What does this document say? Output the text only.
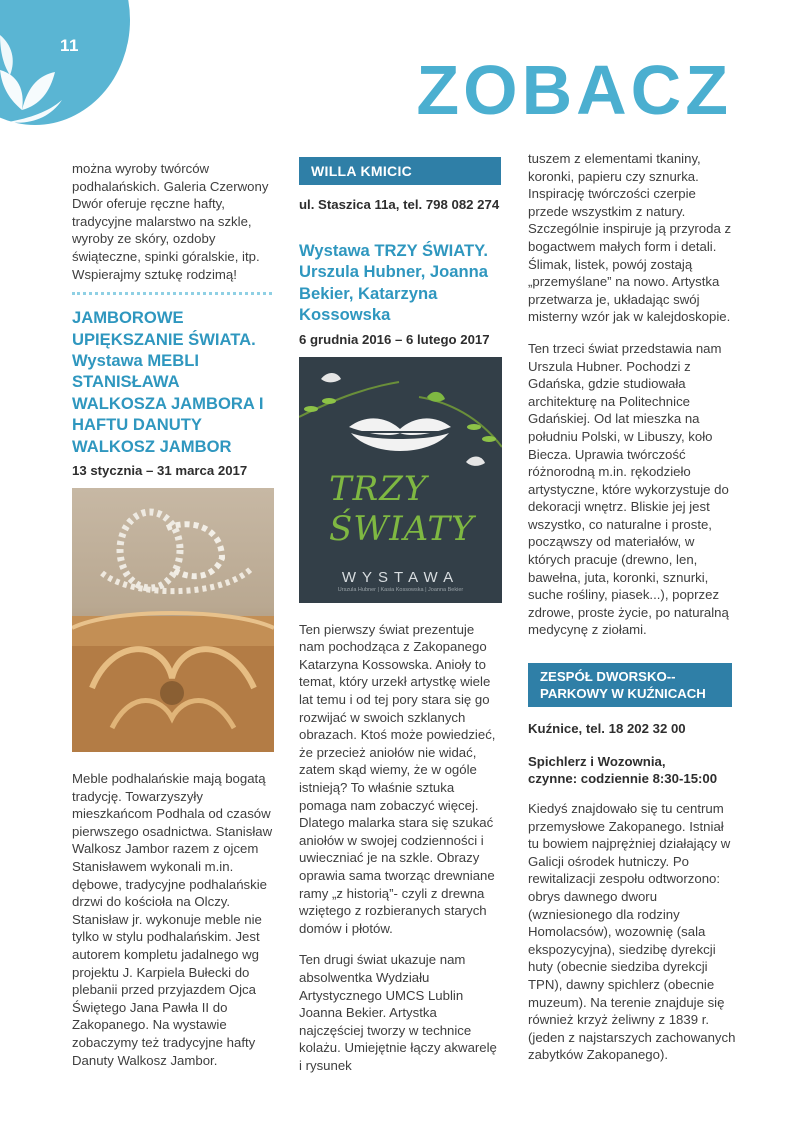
11
ZOBACZ

można wyroby twórców podhalańskich. Galeria Czerwony Dwór oferuje ręczne hafty, tradycyjne malarstwo na szkle, wyroby ze skóry, ozdoby świąteczne, spinki góralskie, itp. Wspierajmy sztukę rodzimą!

JAMBOROWE UPIĘKSZANIE ŚWIATA. Wystawa MEBLI STANISŁAWA WALKOSZA JAMBORA I HAFTU DANUTY WALKOSZ JAMBOR
13 stycznia – 31 marca 2017

Meble podhalańskie mają bogatą tradycję. Towarzyszyły mieszkańcom Podhala od czasów pierwszego osadnictwa. Stanisław Walkosz Jambor razem z ojcem Stanisławem wykonali m.in. dębowe, tradycyjne podhalańskie drzwi do kościoła na Olczy. Stanisław jr. wykonuje meble nie tylko w stylu podhalańskim. Jest autorem kompletu jadalnego wg projektu J. Karpiela Bułecki do plebanii przed przyjazdem Ojca Świętego Jana Pawła II do Zakopanego. Na wystawie zobaczymy też tradycyjne hafty Danuty Walkosz Jambor.

WILLA KMICIC
ul. Staszica 11a, tel. 798 082 274
Wystawa TRZY ŚWIATY. Urszula Hubner, Joanna Bekier, Katarzyna Kossowska
6 grudnia 2016 – 6 lutego 2017
TRZY ŚWIATY
WYSTAWA
Urszula Hubner | Kasia Kossowska | Joanna Bekier

Ten pierwszy świat prezentuje nam pochodząca z Zakopanego Katarzyna Kossowska. Anioły to temat, który urzekł artystkę wiele lat temu i od tej pory stara się go rozwijać w swoich szklanych obrazach. Ktoś może powiedzieć, że przecież aniołów nie widać, zatem skąd wiemy, że w ogóle istnieją? To właśnie sztuka pomaga nam zobaczyć więcej. Dlatego malarka stara się szukać aniołów w swojej codzienności i uwieczniać je na szkle. Obrazy oprawia sama tworząc drewniane ramy „z historią”- czyli z drewna wziętego z rozbieranych starych domów i płotów.

Ten drugi świat ukazuje nam absolwentka Wydziału Artystycznego UMCS Lublin Joanna Bekier. Artystka najczęściej tworzy w technice kolażu. Umiejętnie łączy akwarelę i rysunek

tuszem z elementami tkaniny, koronki, papieru czy sznurka. Inspirację twórczości czerpie przede wszystkim z natury. Szczególnie inspiruje ją przyroda z bogactwem małych form i detali. Ślimak, listek, powój zostają „przemyślane” na nowo. Artystka przetwarza je, układając swój misterny wzór jak w kalejdoskopie.

Ten trzeci świat przedstawia nam Urszula Hubner. Pochodzi z Gdańska, gdzie studiowała architekturę na Politechnice Gdańskiej. Od lat mieszka na południu Polski, w Libuszy, koło Biecza. Uprawia twórczość różnorodną m.in. rękodzieło artystyczne, które wykorzystuje do dekoracji wnętrz. Bliskie jej jest wszystko, co naturalne i proste, począwszy od materiałów, w których pracuje (drewno, len, bawełna, juta, koronki, sznurki, suche rośliny, piasek...), poprzez zdrowe, proste życie, po naturalną medycynę z ziołami.

ZESPÓŁ DWORSKO--PARKOWY W KUŹNICACH
Kuźnice, tel. 18 202 32 00
Spichlerz i Wozownia,
czynne: codziennie 8:30-15:00

Kiedyś znajdowało się tu centrum przemysłowe Zakopanego. Istniał tu bowiem najprężniej działający w Galicji ośrodek hutniczy. Po rewitalizacji zespołu odtworzono: obrys dawnego dworu (wzniesionego dla rodziny Homolacsów), wozownię (sala ekspozycyjna), siedzibę dyrekcji huty (obecnie siedziba dyrekcji TPN), dawny spichlerz (obecnie muzeum). Na terenie znajduje się również krzyż żeliwny z 1839 r. (jeden z najstarszych zachowanych zabytków Zakopanego).
